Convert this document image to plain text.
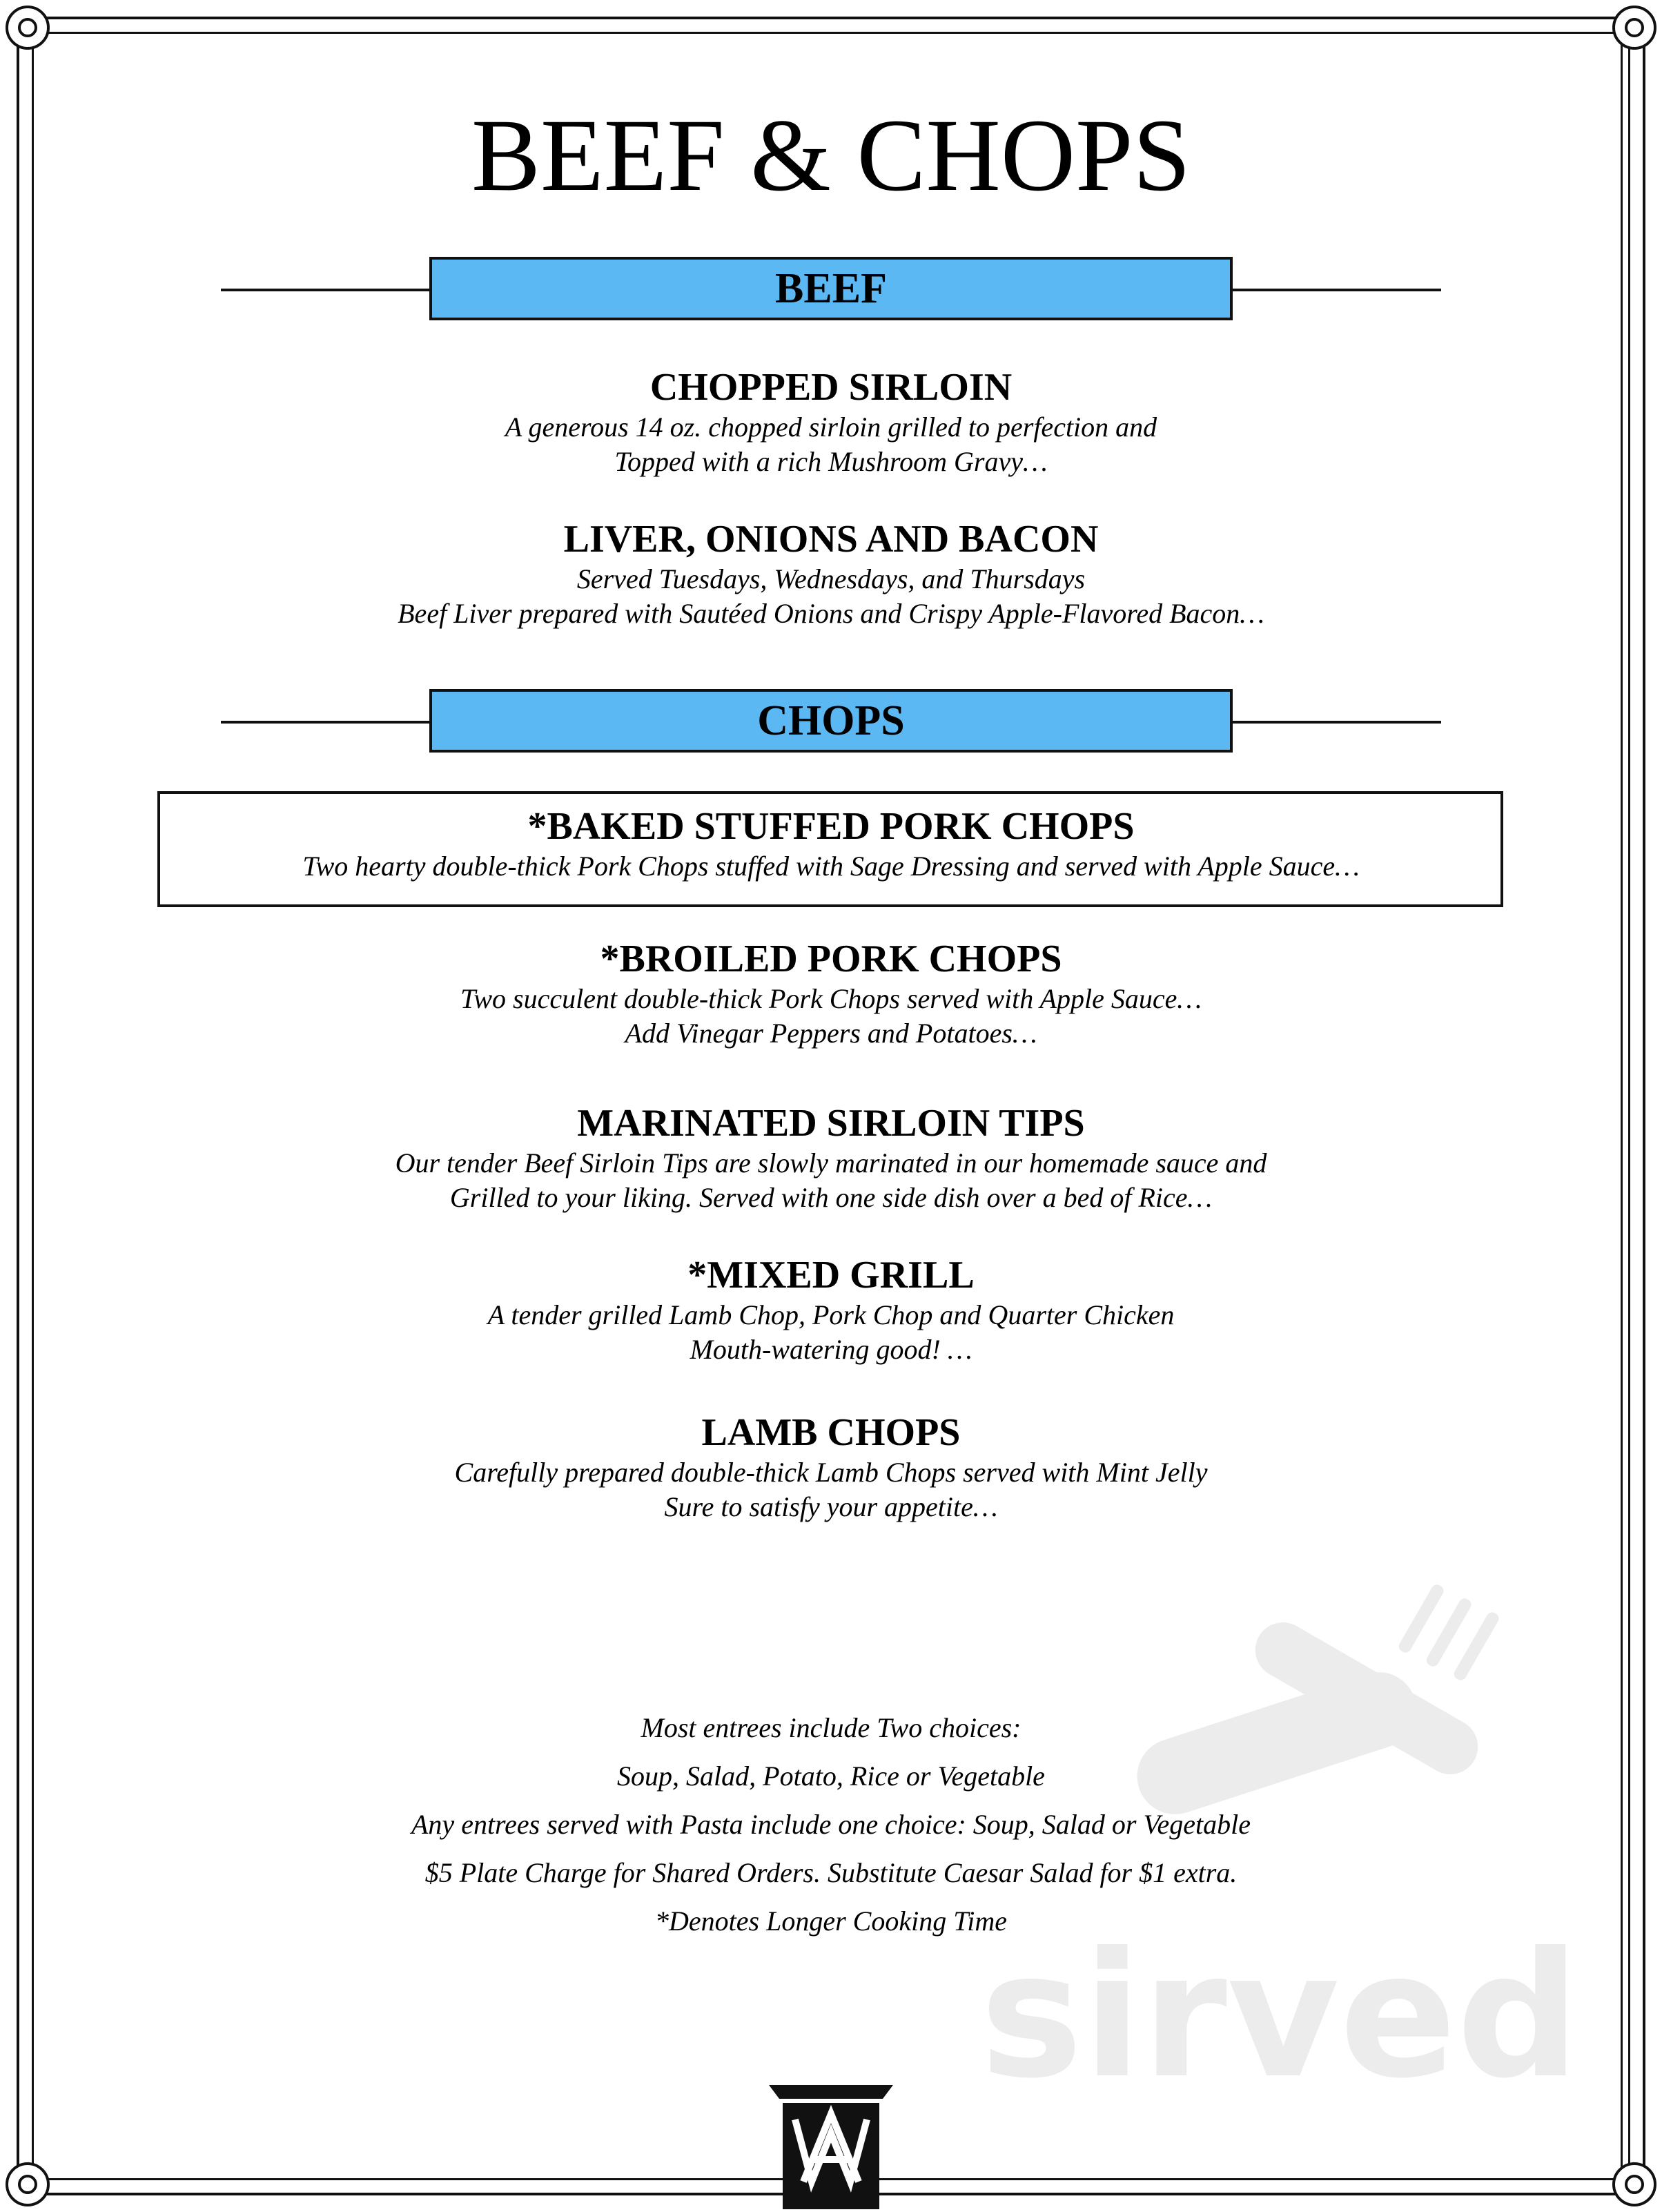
sirved
BEEF & CHOPS
BEEF
CHOPPED SIRLOIN
A generous 14 oz. chopped sirloin grilled to perfection and
Topped with a rich Mushroom Gravy…
LIVER, ONIONS AND BACON
Served Tuesdays, Wednesdays, and Thursdays
Beef Liver prepared with Sautéed Onions and Crispy Apple-Flavored Bacon…
CHOPS
*BAKED STUFFED PORK CHOPS
Two hearty double-thick Pork Chops stuffed with Sage Dressing and served with Apple Sauce…
*BROILED PORK CHOPS
Two succulent double-thick Pork Chops served with Apple Sauce…
Add Vinegar Peppers and Potatoes…
MARINATED SIRLOIN TIPS
Our tender Beef Sirloin Tips are slowly marinated in our homemade sauce and
Grilled to your liking. Served with one side dish over a bed of Rice…
*MIXED GRILL
A tender grilled Lamb Chop, Pork Chop and Quarter Chicken
Mouth-watering good! …
LAMB CHOPS
Carefully prepared double-thick Lamb Chops served with Mint Jelly
Sure to satisfy your appetite…
Most entrees include Two choices:
Soup, Salad, Potato, Rice or Vegetable
Any entrees served with Pasta include one choice: Soup, Salad or Vegetable
$5 Plate Charge for Shared Orders. Substitute Caesar Salad for $1 extra.
*Denotes Longer Cooking Time
